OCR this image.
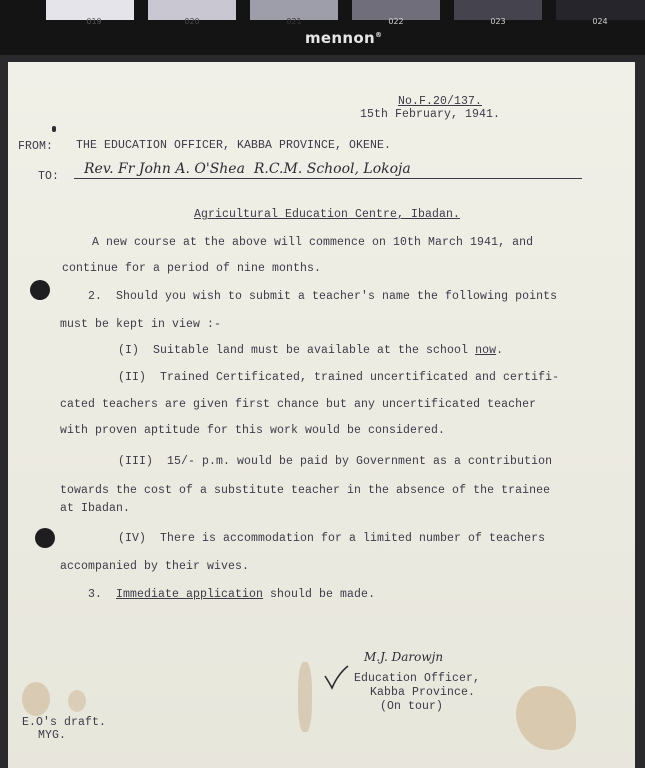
019	020	021	022	023	024
mennon®
No.F.20/137.
15th February, 1941.
FROM: THE EDUCATION OFFICER, KABBA PROVINCE, OKENE.
TO: Rev. Fr John A. O'Shea  R.C.M. School, Lokoja
Agricultural Education Centre, Ibadan.
A new course at the above will commence on 10th March 1941, and
continue for a period of nine months.
2.  Should you wish to submit a teacher's name the following points
must be kept in view :-
(I)  Suitable land must be available at the school now.
(II)  Trained Certificated, trained uncertificated and certifi-
cated teachers are given first chance but any uncertificated teacher
with proven aptitude for this work would be considered.
(III)  15/- p.m. would be paid by Government as a contribution
towards the cost of a substitute teacher in the absence of the trainee
at Ibadan.
(IV)  There is accommodation for a limited number of teachers
accompanied by their wives.
3.  Immediate application should be made.
M.J. Darowjn
Education Officer,
Kabba Province.
(On tour)
E.O's draft.
MYG.
